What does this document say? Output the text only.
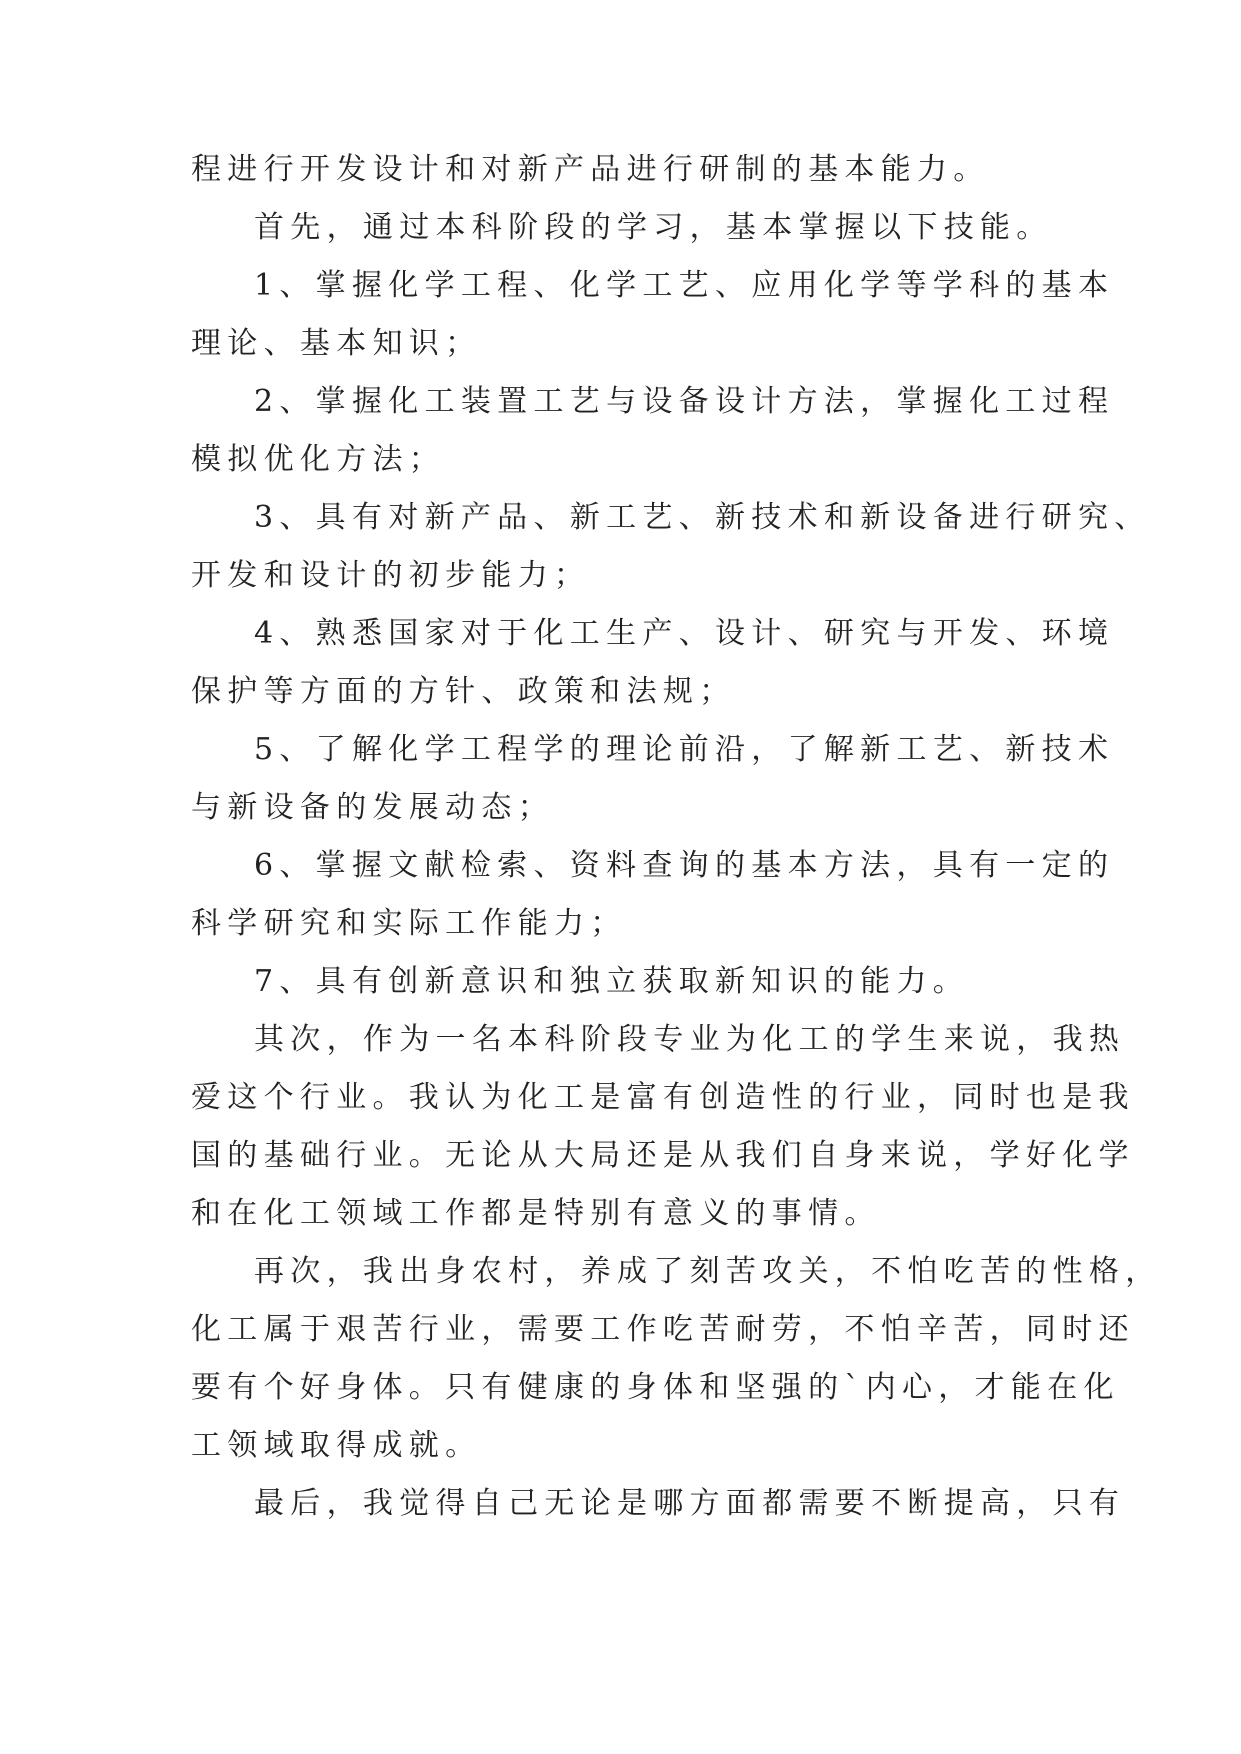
程进行开发设计和对新产品进行研制的基本能力。
首先，通过本科阶段的学习，基本掌握以下技能。
1、掌握化学工程、化学工艺、应用化学等学科的基本
理论、基本知识；
2、掌握化工装置工艺与设备设计方法，掌握化工过程
模拟优化方法；
3、具有对新产品、新工艺、新技术和新设备进行研究、
开发和设计的初步能力；
4、熟悉国家对于化工生产、设计、研究与开发、环境
保护等方面的方针、政策和法规；
5、了解化学工程学的理论前沿，了解新工艺、新技术
与新设备的发展动态；
6、掌握文献检索、资料查询的基本方法，具有一定的
科学研究和实际工作能力；
7、具有创新意识和独立获取新知识的能力。
其次，作为一名本科阶段专业为化工的学生来说，我热
爱这个行业。我认为化工是富有创造性的行业，同时也是我
国的基础行业。无论从大局还是从我们自身来说，学好化学
和在化工领域工作都是特别有意义的事情。
再次，我出身农村，养成了刻苦攻关，不怕吃苦的性格，
化工属于艰苦行业，需要工作吃苦耐劳，不怕辛苦，同时还
要有个好身体。只有健康的身体和坚强的`内心，才能在化
工领域取得成就。
最后，我觉得自己无论是哪方面都需要不断提高，只有
